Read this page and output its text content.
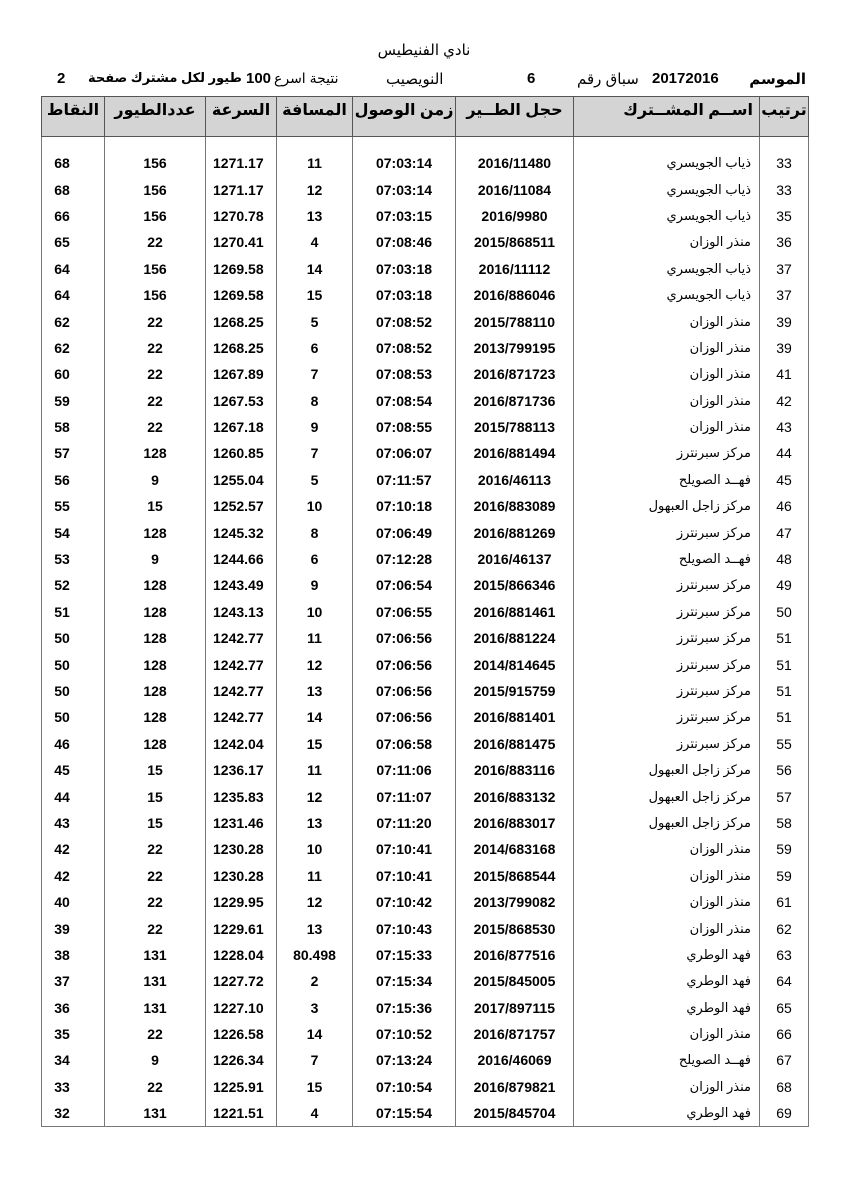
نادي الفنيطيس
الموسم
20172016
سباق رقم
6
النويصيب
نتيجة اسرع
100
طيور لكل مشترك صفحة
2
النقاط	عددالطيور	السرعة	المسافة	زمن الوصول	حجل الطــير	اســم المشــترك	ترتيب

68	156	1271.17	11	07:03:14	2016/11480	ذياب الجويسري	33
68	156	1271.17	12	07:03:14	2016/11084	ذياب الجويسري	33
66	156	1270.78	13	07:03:15	2016/9980	ذياب الجويسري	35
65	22	1270.41	4	07:08:46	2015/868511	منذر الوزان	36
64	156	1269.58	14	07:03:18	2016/11112	ذياب الجويسري	37
64	156	1269.58	15	07:03:18	2016/886046	ذياب الجويسري	37
62	22	1268.25	5	07:08:52	2015/788110	منذر الوزان	39
62	22	1268.25	6	07:08:52	2013/799195	منذر الوزان	39
60	22	1267.89	7	07:08:53	2016/871723	منذر الوزان	41
59	22	1267.53	8	07:08:54	2016/871736	منذر الوزان	42
58	22	1267.18	9	07:08:55	2015/788113	منذر الوزان	43
57	128	1260.85	7	07:06:07	2016/881494	مركز سبرنترز	44
56	9	1255.04	5	07:11:57	2016/46113	فهــد الصويلح	45
55	15	1252.57	10	07:10:18	2016/883089	مركز زاجل العبهول	46
54	128	1245.32	8	07:06:49	2016/881269	مركز سبرنترز	47
53	9	1244.66	6	07:12:28	2016/46137	فهــد الصويلح	48
52	128	1243.49	9	07:06:54	2015/866346	مركز سبرنترز	49
51	128	1243.13	10	07:06:55	2016/881461	مركز سبرنترز	50
50	128	1242.77	11	07:06:56	2016/881224	مركز سبرنترز	51
50	128	1242.77	12	07:06:56	2014/814645	مركز سبرنترز	51
50	128	1242.77	13	07:06:56	2015/915759	مركز سبرنترز	51
50	128	1242.77	14	07:06:56	2016/881401	مركز سبرنترز	51
46	128	1242.04	15	07:06:58	2016/881475	مركز سبرنترز	55
45	15	1236.17	11	07:11:06	2016/883116	مركز زاجل العبهول	56
44	15	1235.83	12	07:11:07	2016/883132	مركز زاجل العبهول	57
43	15	1231.46	13	07:11:20	2016/883017	مركز زاجل العبهول	58
42	22	1230.28	10	07:10:41	2014/683168	منذر الوزان	59
42	22	1230.28	11	07:10:41	2015/868544	منذر الوزان	59
40	22	1229.95	12	07:10:42	2013/799082	منذر الوزان	61
39	22	1229.61	13	07:10:43	2015/868530	منذر الوزان	62
38	131	1228.04	80.498	07:15:33	2016/877516	فهد الوطري	63
37	131	1227.72	2	07:15:34	2015/845005	فهد الوطري	64
36	131	1227.10	3	07:15:36	2017/897115	فهد الوطري	65
35	22	1226.58	14	07:10:52	2016/871757	منذر الوزان	66
34	9	1226.34	7	07:13:24	2016/46069	فهــد الصويلح	67
33	22	1225.91	15	07:10:54	2016/879821	منذر الوزان	68
32	131	1221.51	4	07:15:54	2015/845704	فهد الوطري	69
